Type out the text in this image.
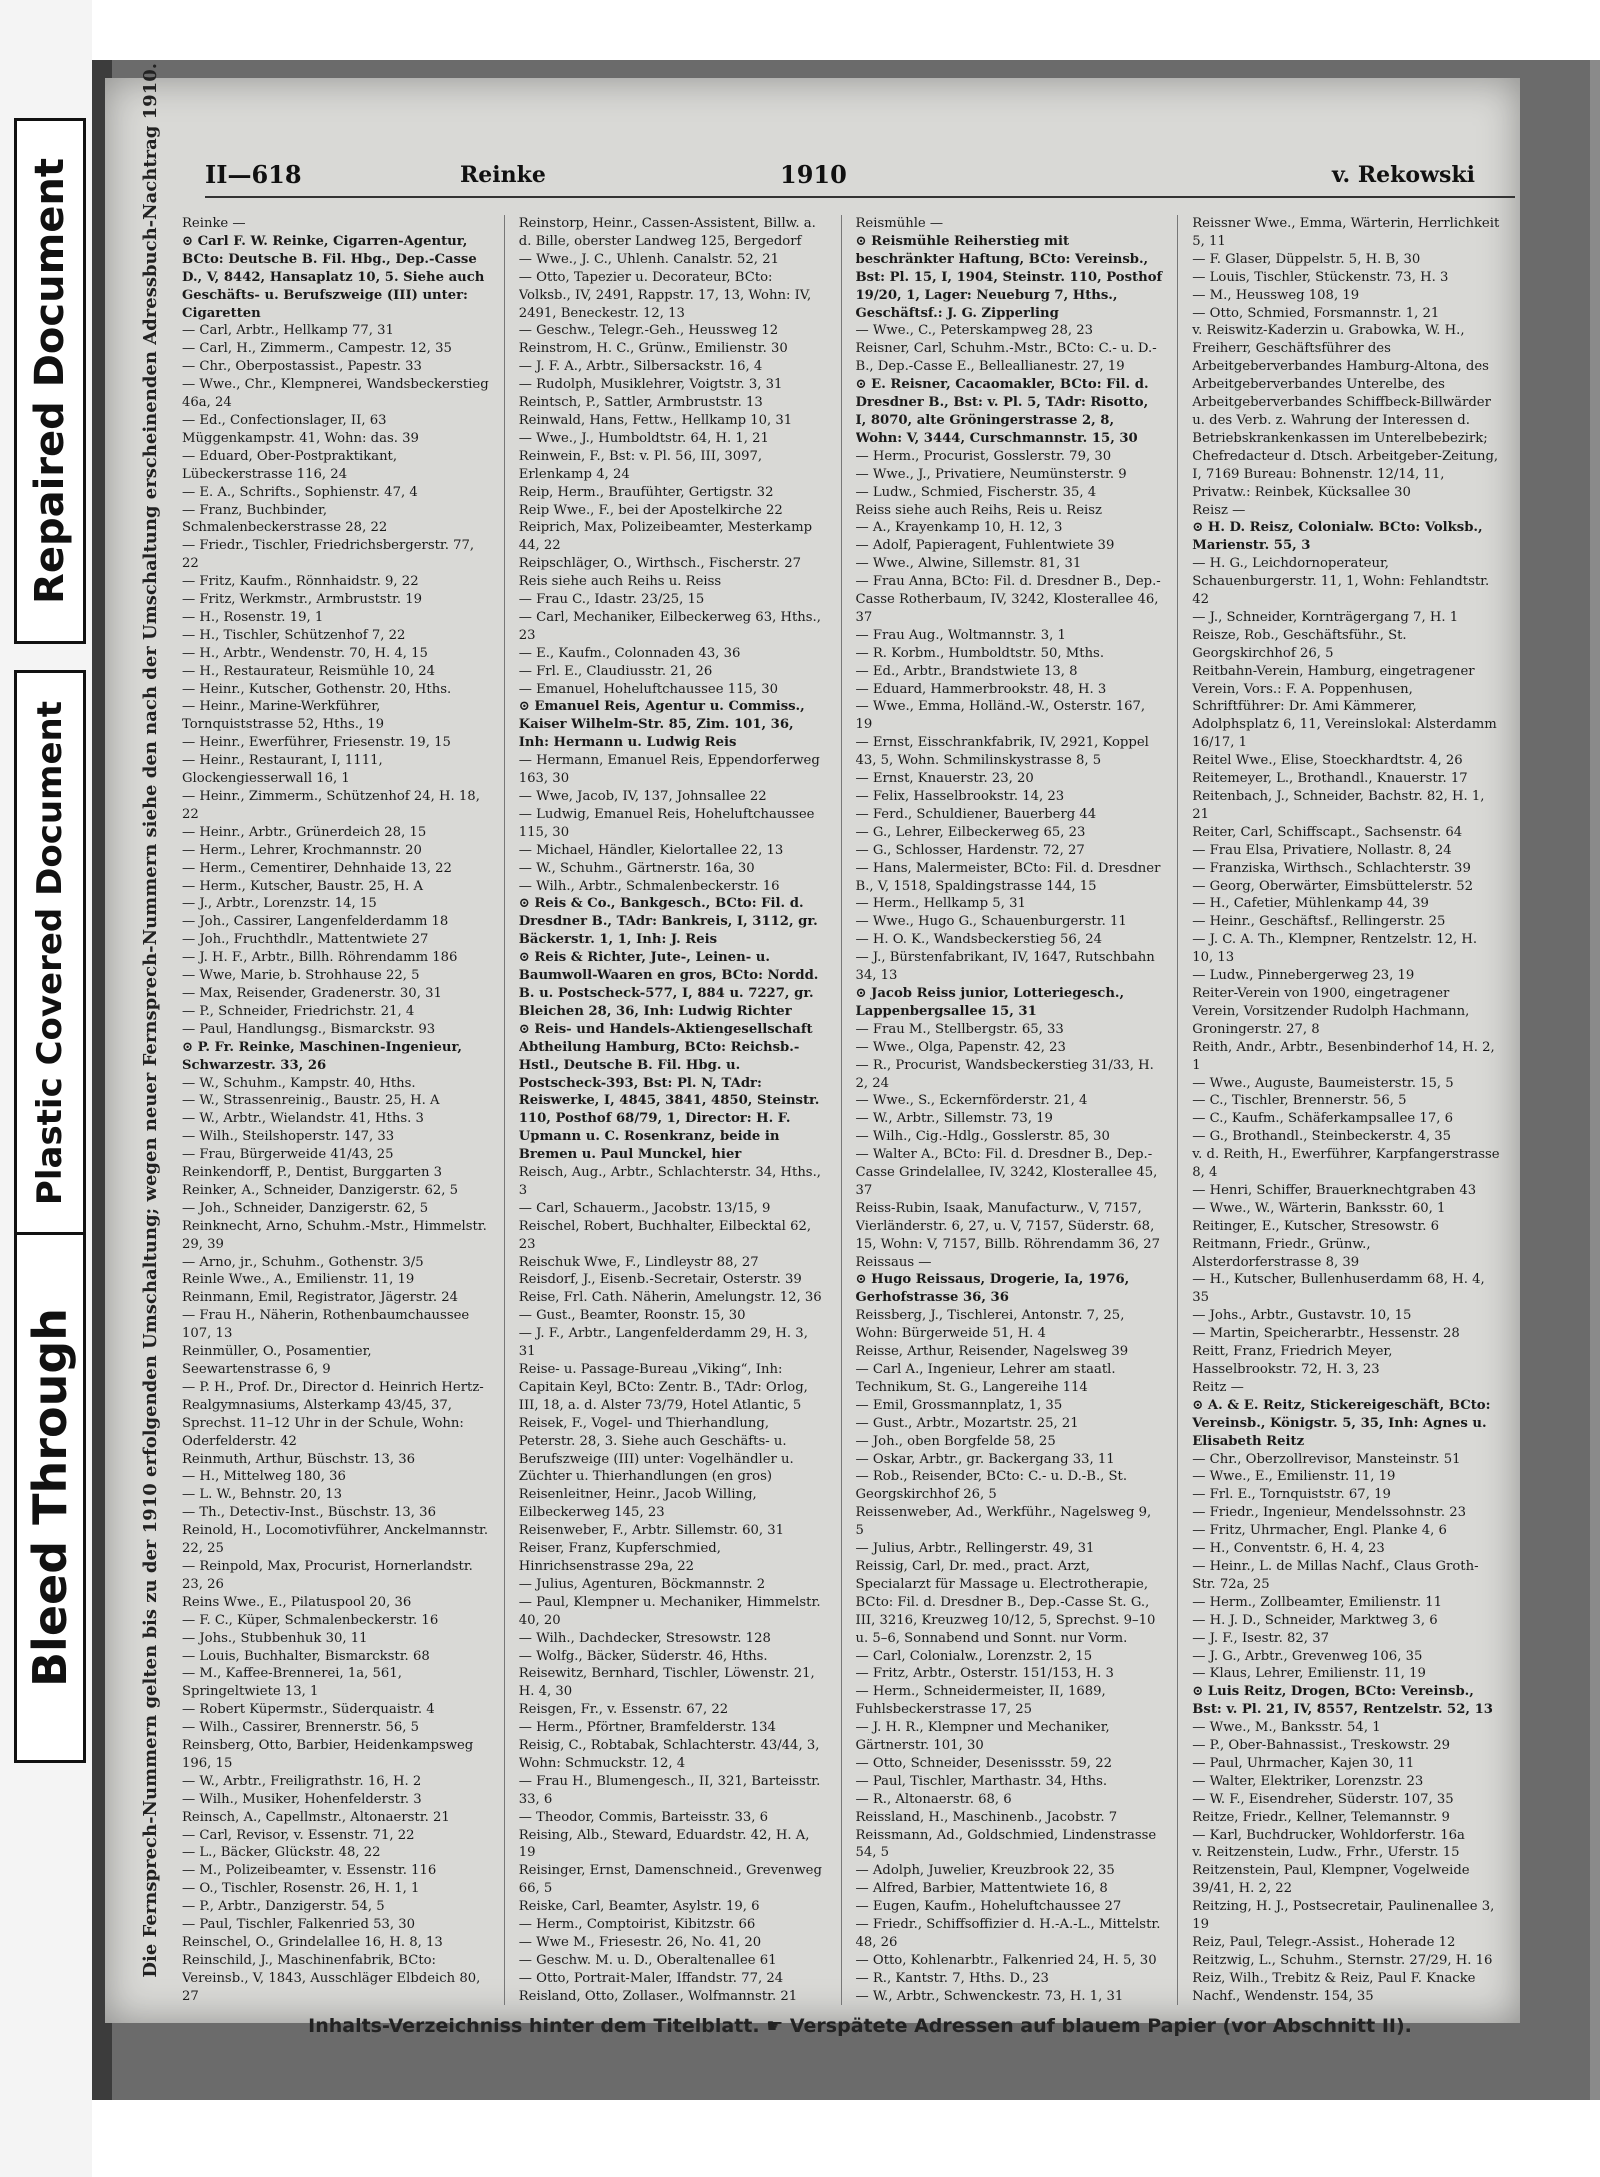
Repaired Document
Plastic Covered Document
Bleed Through	Die Fernsprech-Nummern gelten bis zu der 1910 erfolgenden Umschaltung; wegen neuer Fernsprech-Nummern siehe den nach der Umschaltung erscheinenden Adressbuch-Nachtrag 1910. II—618	Reinke	1910	v. Rekowski

Reinke —

⊙ Carl F. W. Reinke, Cigarren-Agentur, BCto: Deutsche B. Fil. Hbg., Dep.-Casse D., V, 8442, Hansaplatz 10, 5. Siehe auch Geschäfts- u. Berufszweige (III) unter: Cigaretten

— Carl, Arbtr., Hellkamp 77, 31

— Carl, H., Zimmerm., Campestr. 12, 35

— Chr., Oberpostassist., Papestr. 33

— Wwe., Chr., Klempnerei, Wandsbeckerstieg 46a, 24

— Ed., Confectionslager, II, 63 Müggenkampstr. 41, Wohn: das. 39

— Eduard, Ober-Postpraktikant, Lübeckerstrasse 116, 24

— E. A., Schrifts., Sophienstr. 47, 4

— Franz, Buchbinder, Schmalenbeckerstrasse 28, 22

— Friedr., Tischler, Friedrichsbergerstr. 77, 22

— Fritz, Kaufm., Rönnhaidstr. 9, 22

— Fritz, Werkmstr., Armbruststr. 19

— H., Rosenstr. 19, 1

— H., Tischler, Schützenhof 7, 22

— H., Arbtr., Wendenstr. 70, H. 4, 15

— H., Restaurateur, Reismühle 10, 24

— Heinr., Kutscher, Gothenstr. 20, Hths.

— Heinr., Marine-Werkführer, Tornquiststrasse 52, Hths., 19

— Heinr., Ewerführer, Friesenstr. 19, 15

— Heinr., Restaurant, I, 1111, Glockengiesserwall 16, 1

— Heinr., Zimmerm., Schützenhof 24, H. 18, 22

— Heinr., Arbtr., Grünerdeich 28, 15

— Herm., Lehrer, Krochmannstr. 20

— Herm., Cementirer, Dehnhaide 13, 22

— Herm., Kutscher, Baustr. 25, H. A

— J., Arbtr., Lorenzstr. 14, 15

— Joh., Cassirer, Langenfelderdamm 18

— Joh., Fruchthdlr., Mattentwiete 27

— J. H. F., Arbtr., Billh. Röhrendamm 186

— Wwe, Marie, b. Strohhause 22, 5

— Max, Reisender, Gradenerstr. 30, 31

— P., Schneider, Friedrichstr. 21, 4

— Paul, Handlungsg., Bismarckstr. 93

⊙ P. Fr. Reinke, Maschinen-Ingenieur, Schwarzestr. 33, 26

— W., Schuhm., Kampstr. 40, Hths.

— W., Strassenreinig., Baustr. 25, H. A

— W., Arbtr., Wielandstr. 41, Hths. 3

— Wilh., Steilshoperstr. 147, 33

— Frau, Bürgerweide 41/43, 25

Reinkendorff, P., Dentist, Burggarten 3

Reinker, A., Schneider, Danzigerstr. 62, 5

— Joh., Schneider, Danzigerstr. 62, 5

Reinknecht, Arno, Schuhm.-Mstr., Himmelstr. 29, 39

— Arno, jr., Schuhm., Gothenstr. 3/5

Reinle Wwe., A., Emilienstr. 11, 19

Reinmann, Emil, Registrator, Jägerstr. 24

— Frau H., Näherin, Rothenbaumchaussee 107, 13

Reinmüller, O., Posamentier, Seewartenstrasse 6, 9

— P. H., Prof. Dr., Director d. Heinrich Hertz-Realgymnasiums, Alsterkamp 43/45, 37, Sprechst. 11–12 Uhr in der Schule, Wohn: Oderfelderstr. 42

Reinmuth, Arthur, Büschstr. 13, 36

— H., Mittelweg 180, 36

— L. W., Behnstr. 20, 13

— Th., Detectiv-Inst., Büschstr. 13, 36

Reinold, H., Locomotivführer, Anckelmannstr. 22, 25

— Reinpold, Max, Procurist, Hornerlandstr. 23, 26

Reins Wwe., E., Pilatuspool 20, 36

— F. C., Küper, Schmalenbeckerstr. 16

— Johs., Stubbenhuk 30, 11

— Louis, Buchhalter, Bismarckstr. 68

— M., Kaffee-Brennerei, 1a, 561, Springeltwiete 13, 1

— Robert Küpermstr., Süderquaistr. 4

— Wilh., Cassirer, Brennerstr. 56, 5

Reinsberg, Otto, Barbier, Heidenkampsweg 196, 15

— W., Arbtr., Freiligrathstr. 16, H. 2

— Wilh., Musiker, Hohenfelderstr. 3

Reinsch, A., Capellmstr., Altonaerstr. 21

— Carl, Revisor, v. Essenstr. 71, 22

— L., Bäcker, Glückstr. 48, 22

— M., Polizeibeamter, v. Essenstr. 116

— O., Tischler, Rosenstr. 26, H. 1, 1

— P., Arbtr., Danzigerstr. 54, 5

— Paul, Tischler, Falkenried 53, 30

Reinschel, O., Grindelallee 16, H. 8, 13

Reinschild, J., Maschinenfabrik, BCto: Vereinsb., V, 1843, Ausschläger Elbdeich 80, 27

Reinstorp, Heinr., Cassen-Assistent, Billw. a. d. Bille, oberster Landweg 125, Bergedorf

— Wwe., J. C., Uhlenh. Canalstr. 52, 21

— Otto, Tapezier u. Decorateur, BCto: Volksb., IV, 2491, Rappstr. 17, 13, Wohn: IV, 2491, Beneckestr. 12, 13

— Geschw., Telegr.-Geh., Heussweg 12

Reinstrom, H. C., Grünw., Emilienstr. 30

— J. F. A., Arbtr., Silbersackstr. 16, 4

— Rudolph, Musiklehrer, Voigtstr. 3, 31

Reintsch, P., Sattler, Armbruststr. 13

Reinwald, Hans, Fettw., Hellkamp 10, 31

— Wwe., J., Humboldtstr. 64, H. 1, 21

Reinwein, F., Bst: v. Pl. 56, III, 3097, Erlenkamp 4, 24

Reip, Herm., Braufühter, Gertigstr. 32

Reip Wwe., F., bei der Apostelkirche 22

Reiprich, Max, Polizeibeamter, Mesterkamp 44, 22

Reipschläger, O., Wirthsch., Fischerstr. 27

Reis siehe auch Reihs u. Reiss

— Frau C., Idastr. 23/25, 15

— Carl, Mechaniker, Eilbeckerweg 63, Hths., 23

— E., Kaufm., Colonnaden 43, 36

— Frl. E., Claudiusstr. 21, 26

— Emanuel, Hoheluftchaussee 115, 30

⊙ Emanuel Reis, Agentur u. Commiss., Kaiser Wilhelm-Str. 85, Zim. 101, 36, Inh: Hermann u. Ludwig Reis

— Hermann, Emanuel Reis, Eppendorferweg 163, 30

— Wwe, Jacob, IV, 137, Johnsallee 22

— Ludwig, Emanuel Reis, Hoheluftchaussee 115, 30

— Michael, Händler, Kielortallee 22, 13

— W., Schuhm., Gärtnerstr. 16a, 30

— Wilh., Arbtr., Schmalenbeckerstr. 16

⊙ Reis & Co., Bankgesch., BCto: Fil. d. Dresdner B., TAdr: Bankreis, I, 3112, gr. Bäckerstr. 1, 1, Inh: J. Reis

⊙ Reis & Richter, Jute-, Leinen- u. Baumwoll-Waaren en gros, BCto: Nordd. B. u. Postscheck-577, I, 884 u. 7227, gr. Bleichen 28, 36, Inh: Ludwig Richter

⊙ Reis- und Handels-Aktiengesellschaft Abtheilung Hamburg, BCto: Reichsb.-Hstl., Deutsche B. Fil. Hbg. u. Postscheck-393, Bst: Pl. N, TAdr: Reiswerke, I, 4845, 3841, 4850, Steinstr. 110, Posthof 68/79, 1, Director: H. F. Upmann u. C. Rosenkranz, beide in Bremen u. Paul Munckel, hier

Reisch, Aug., Arbtr., Schlachterstr. 34, Hths., 3

— Carl, Schauerm., Jacobstr. 13/15, 9

Reischel, Robert, Buchhalter, Eilbecktal 62, 23

Reischuk Wwe, F., Lindleystr 88, 27

Reisdorf, J., Eisenb.-Secretair, Osterstr. 39

Reise, Frl. Cath. Näherin, Amelungstr. 12, 36

— Gust., Beamter, Roonstr. 15, 30

— J. F., Arbtr., Langenfelderdamm 29, H. 3, 31

Reise- u. Passage-Bureau „Viking“, Inh: Capitain Keyl, BCto: Zentr. B., TAdr: Orlog, III, 18, a. d. Alster 73/79, Hotel Atlantic, 5

Reisek, F., Vogel- und Thierhandlung, Peterstr. 28, 3. Siehe auch Geschäfts- u. Berufszweige (III) unter: Vogelhändler u. Züchter u. Thierhandlungen (en gros)

Reisenleitner, Heinr., Jacob Willing, Eilbeckerweg 145, 23

Reisenweber, F., Arbtr. Sillemstr. 60, 31

Reiser, Franz, Kupferschmied, Hinrichsenstrasse 29a, 22

— Julius, Agenturen, Böckmannstr. 2

— Paul, Klempner u. Mechaniker, Himmelstr. 40, 20

— Wilh., Dachdecker, Stresowstr. 128

— Wolfg., Bäcker, Süderstr. 46, Hths.

Reisewitz, Bernhard, Tischler, Löwenstr. 21, H. 4, 30

Reisgen, Fr., v. Essenstr. 67, 22

— Herm., Pförtner, Bramfelderstr. 134

Reisig, C., Robtabak, Schlachterstr. 43/44, 3, Wohn: Schmuckstr. 12, 4

— Frau H., Blumengesch., II, 321, Barteisstr. 33, 6

— Theodor, Commis, Barteisstr. 33, 6

Reising, Alb., Steward, Eduardstr. 42, H. A, 19

Reisinger, Ernst, Damenschneid., Grevenweg 66, 5

Reiske, Carl, Beamter, Asylstr. 19, 6

— Herm., Comptoirist, Kibitzstr. 66

— Wwe M., Friesestr. 26, No. 41, 20

— Geschw. M. u. D., Oberaltenallee 61

— Otto, Portrait-Maler, Iffandstr. 77, 24

Reisland, Otto, Zollaser., Wolfmannstr. 21

Reismühle —

⊙ Reismühle Reiherstieg mit beschränkter Haftung, BCto: Vereinsb., Bst: Pl. 15, I, 1904, Steinstr. 110, Posthof 19/20, 1, Lager: Neueburg 7, Hths., Geschäftsf.: J. G. Zipperling

— Wwe., C., Peterskampweg 28, 23

Reisner, Carl, Schuhm.-Mstr., BCto: C.- u. D.-B., Dep.-Casse E., Belleallianestr. 27, 19

⊙ E. Reisner, Cacaomakler, BCto: Fil. d. Dresdner B., Bst: v. Pl. 5, TAdr: Risotto, I, 8070, alte Gröningerstrasse 2, 8, Wohn: V, 3444, Curschmannstr. 15, 30

— Herm., Procurist, Gosslerstr. 79, 30

— Wwe., J., Privatiere, Neumünsterstr. 9

— Ludw., Schmied, Fischerstr. 35, 4

Reiss siehe auch Reihs, Reis u. Reisz

— A., Krayenkamp 10, H. 12, 3

— Adolf, Papieragent, Fuhlentwiete 39

— Wwe., Alwine, Sillemstr. 81, 31

— Frau Anna, BCto: Fil. d. Dresdner B., Dep.-Casse Rotherbaum, IV, 3242, Klosterallee 46, 37

— Frau Aug., Woltmannstr. 3, 1

— R. Korbm., Humboldtstr. 50, Mths.

— Ed., Arbtr., Brandstwiete 13, 8

— Eduard, Hammerbrookstr. 48, H. 3

— Wwe., Emma, Holländ.-W., Osterstr. 167, 19

— Ernst, Eisschrankfabrik, IV, 2921, Koppel 43, 5, Wohn. Schmilinskystrasse 8, 5

— Ernst, Knauerstr. 23, 20

— Felix, Hasselbrookstr. 14, 23

— Ferd., Schuldiener, Bauerberg 44

— G., Lehrer, Eilbeckerweg 65, 23

— G., Schlosser, Hardenstr. 72, 27

— Hans, Malermeister, BCto: Fil. d. Dresdner B., V, 1518, Spaldingstrasse 144, 15

— Herm., Hellkamp 5, 31

— Wwe., Hugo G., Schauenburgerstr. 11

— H. O. K., Wandsbeckerstieg 56, 24

— J., Bürstenfabrikant, IV, 1647, Rutschbahn 34, 13

⊙ Jacob Reiss junior, Lotteriegesch., Lappenbergsallee 15, 31

— Frau M., Stellbergstr. 65, 33

— Wwe., Olga, Papenstr. 42, 23

— R., Procurist, Wandsbeckerstieg 31/33, H. 2, 24

— Wwe., S., Eckernförderstr. 21, 4

— W., Arbtr., Sillemstr. 73, 19

— Wilh., Cig.-Hdlg., Gosslerstr. 85, 30

— Walter A., BCto: Fil. d. Dresdner B., Dep.-Casse Grindelallee, IV, 3242, Klosterallee 45, 37

Reiss-Rubin, Isaak, Manufacturw., V, 7157, Vierländerstr. 6, 27, u. V, 7157, Süderstr. 68, 15, Wohn: V, 7157, Billb. Röhrendamm 36, 27

Reissaus —

⊙ Hugo Reissaus, Drogerie, Ia, 1976, Gerhofstrasse 36, 36

Reissberg, J., Tischlerei, Antonstr. 7, 25, Wohn: Bürgerweide 51, H. 4

Reisse, Arthur, Reisender, Nagelsweg 39

— Carl A., Ingenieur, Lehrer am staatl. Technikum, St. G., Langereihe 114

— Emil, Grossmannplatz, 1, 35

— Gust., Arbtr., Mozartstr. 25, 21

— Joh., oben Borgfelde 58, 25

— Oskar, Arbtr., gr. Backergang 33, 11

— Rob., Reisender, BCto: C.- u. D.-B., St. Georgskirchhof 26, 5

Reissenweber, Ad., Werkführ., Nagelsweg 9, 5

— Julius, Arbtr., Rellingerstr. 49, 31

Reissig, Carl, Dr. med., pract. Arzt, Specialarzt für Massage u. Electrotherapie, BCto: Fil. d. Dresdner B., Dep.-Casse St. G., III, 3216, Kreuzweg 10/12, 5, Sprechst. 9–10 u. 5–6, Sonnabend und Sonnt. nur Vorm.

— Carl, Colonialw., Lorenzstr. 2, 15

— Fritz, Arbtr., Osterstr. 151/153, H. 3

— Herm., Schneidermeister, II, 1689, Fuhlsbeckerstrasse 17, 25

— J. H. R., Klempner und Mechaniker, Gärtnerstr. 101, 30

— Otto, Schneider, Desenissstr. 59, 22

— Paul, Tischler, Marthastr. 34, Hths.

— R., Altonaerstr. 68, 6

Reissland, H., Maschinenb., Jacobstr. 7

Reissmann, Ad., Goldschmied, Lindenstrasse 54, 5

— Adolph, Juwelier, Kreuzbrook 22, 35

— Alfred, Barbier, Mattentwiete 16, 8

— Eugen, Kaufm., Hoheluftchaussee 27

— Friedr., Schiffsoffizier d. H.-A.-L., Mittelstr. 48, 26

— Otto, Kohlenarbtr., Falkenried 24, H. 5, 30

— R., Kantstr. 7, Hths. D., 23

— W., Arbtr., Schwenckestr. 73, H. 1, 31

Reissner Wwe., Emma, Wärterin, Herrlichkeit 5, 11

— F. Glaser, Düppelstr. 5, H. B, 30

— Louis, Tischler, Stückenstr. 73, H. 3

— M., Heussweg 108, 19

— Otto, Schmied, Forsmannstr. 1, 21

v. Reiswitz-Kaderzin u. Grabowka, W. H., Freiherr, Geschäftsführer des Arbeitgeberverbandes Hamburg-Altona, des Arbeitgeberverbandes Unterelbe, des Arbeitgeberverbandes Schiffbeck-Billwärder u. des Verb. z. Wahrung der Interessen d. Betriebskrankenkassen im Unterelbebezirk; Chefredacteur d. Dtsch. Arbeitgeber-Zeitung, I, 7169 Bureau: Bohnenstr. 12/14, 11, Privatw.: Reinbek, Kücksallee 30

Reisz —

⊙ H. D. Reisz, Colonialw. BCto: Volksb., Marienstr. 55, 3

— H. G., Leichdornoperateur, Schauenburgerstr. 11, 1, Wohn: Fehlandtstr. 42

— J., Schneider, Kornträgergang 7, H. 1

Reisze, Rob., Geschäftsführ., St. Georgskirchhof 26, 5

Reitbahn-Verein, Hamburg, eingetragener Verein, Vors.: F. A. Poppenhusen, Schriftführer: Dr. Ami Kämmerer, Adolphsplatz 6, 11, Vereinslokal: Alsterdamm 16/17, 1

Reitel Wwe., Elise, Stoeckhardtstr. 4, 26

Reitemeyer, L., Brothandl., Knauerstr. 17

Reitenbach, J., Schneider, Bachstr. 82, H. 1, 21

Reiter, Carl, Schiffscapt., Sachsenstr. 64

— Frau Elsa, Privatiere, Nollastr. 8, 24

— Franziska, Wirthsch., Schlachterstr. 39

— Georg, Oberwärter, Eimsbüttelerstr. 52

— H., Cafetier, Mühlenkamp 44, 39

— Heinr., Geschäftsf., Rellingerstr. 25

— J. C. A. Th., Klempner, Rentzelstr. 12, H. 10, 13

— Ludw., Pinnebergerweg 23, 19

Reiter-Verein von 1900, eingetragener Verein, Vorsitzender Rudolph Hachmann, Groningerstr. 27, 8

Reith, Andr., Arbtr., Besenbinderhof 14, H. 2, 1

— Wwe., Auguste, Baumeisterstr. 15, 5

— C., Tischler, Brennerstr. 56, 5

— C., Kaufm., Schäferkampsallee 17, 6

— G., Brothandl., Steinbeckerstr. 4, 35

v. d. Reith, H., Ewerführer, Karpfangerstrasse 8, 4

— Henri, Schiffer, Brauerknechtgraben 43

— Wwe., W., Wärterin, Banksstr. 60, 1

Reitinger, E., Kutscher, Stresowstr. 6

Reitmann, Friedr., Grünw., Alsterdorferstrasse 8, 39

— H., Kutscher, Bullenhuserdamm 68, H. 4, 35

— Johs., Arbtr., Gustavstr. 10, 15

— Martin, Speicherarbtr., Hessenstr. 28

Reitt, Franz, Friedrich Meyer, Hasselbrookstr. 72, H. 3, 23

Reitz —

⊙ A. & E. Reitz, Stickereigeschäft, BCto: Vereinsb., Königstr. 5, 35, Inh: Agnes u. Elisabeth Reitz

— Chr., Oberzollrevisor, Mansteinstr. 51

— Wwe., E., Emilienstr. 11, 19

— Frl. E., Tornquiststr. 67, 19

— Friedr., Ingenieur, Mendelssohnstr. 23

— Fritz, Uhrmacher, Engl. Planke 4, 6

— H., Conventstr. 6, H. 4, 23

— Heinr., L. de Millas Nachf., Claus Groth-Str. 72a, 25

— Herm., Zollbeamter, Emilienstr. 11

— H. J. D., Schneider, Marktweg 3, 6

— J. F., Isestr. 82, 37

— J. G., Arbtr., Grevenweg 106, 35

— Klaus, Lehrer, Emilienstr. 11, 19

⊙ Luis Reitz, Drogen, BCto: Vereinsb., Bst: v. Pl. 21, IV, 8557, Rentzelstr. 52, 13

— Wwe., M., Banksstr. 54, 1

— P., Ober-Bahnassist., Treskowstr. 29

— Paul, Uhrmacher, Kajen 30, 11

— Walter, Elektriker, Lorenzstr. 23

— W. F., Eisendreher, Süderstr. 107, 35

Reitze, Friedr., Kellner, Telemannstr. 9

— Karl, Buchdrucker, Wohldorferstr. 16a

v. Reitzenstein, Ludw., Frhr., Uferstr. 15

Reitzenstein, Paul, Klempner, Vogelweide 39/41, H. 2, 22

Reitzing, H. J., Postsecretair, Paulinenallee 3, 19

Reiz, Paul, Telegr.-Assist., Hoherade 12

Reitzwig, L., Schuhm., Sternstr. 27/29, H. 16

Reiz, Wilh., Trebitz & Reiz, Paul F. Knacke Nachf., Wendenstr. 154, 35

Inhalts-Verzeichniss hinter dem Titelblatt. ☛ Verspätete Adressen auf blauem Papier (vor Abschnitt II).
